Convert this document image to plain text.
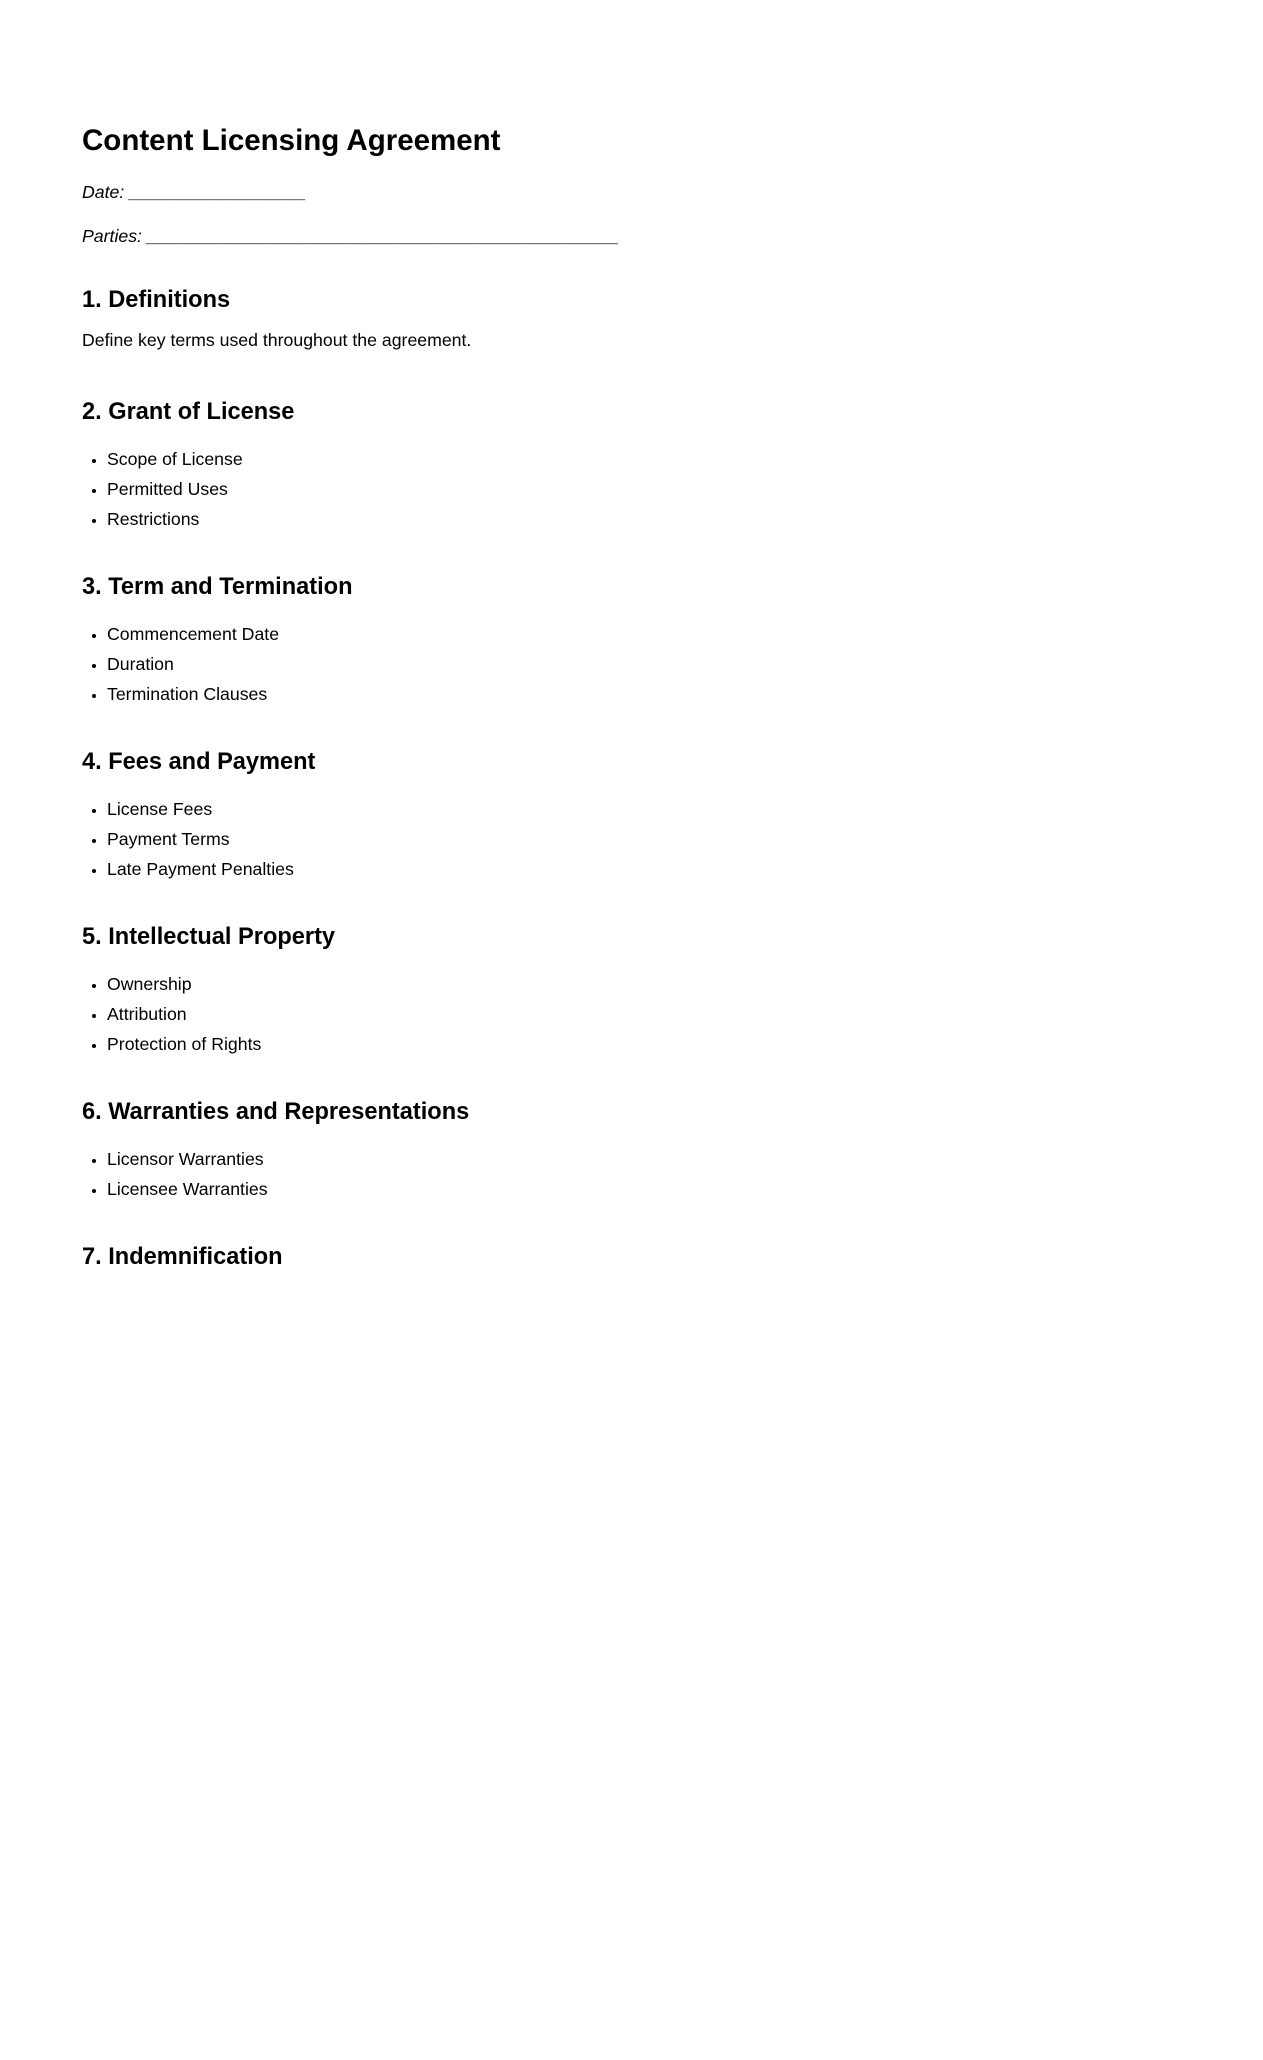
Content Licensing Agreement

Date: __________________

Parties: ________________________________________________

1. Definitions

Define key terms used throughout the agreement.

2. Grant of License
• Scope of License
• Permitted Uses
• Restrictions
3. Term and Termination
• Commencement Date
• Duration
• Termination Clauses
4. Fees and Payment
• License Fees
• Payment Terms
• Late Payment Penalties
5. Intellectual Property
• Ownership
• Attribution
• Protection of Rights
6. Warranties and Representations
• Licensor Warranties
• Licensee Warranties
7. Indemnification
